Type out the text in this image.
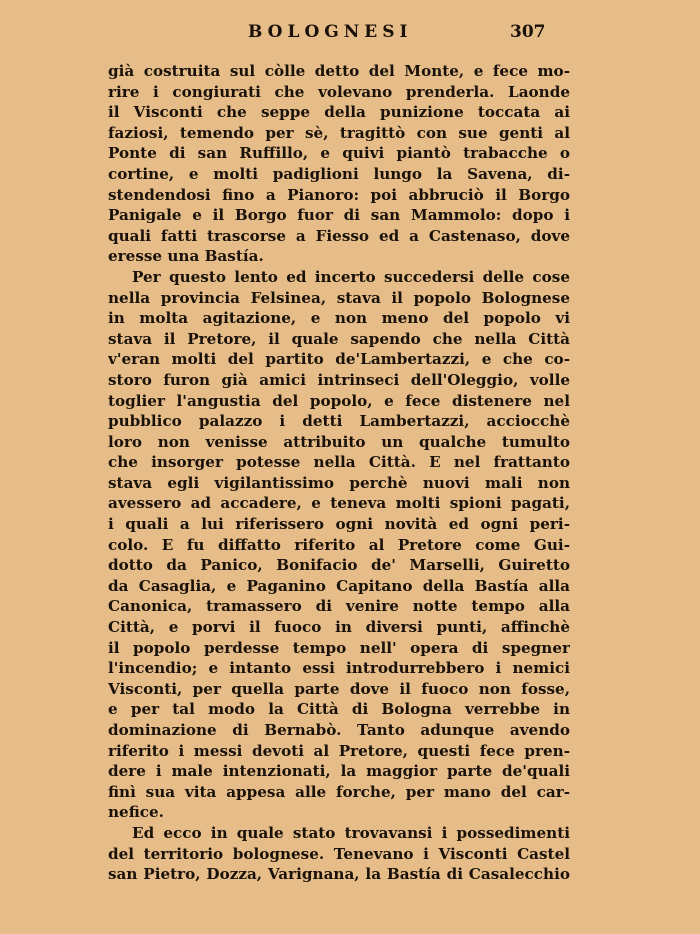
BOLOGNESI	307
già costruita sul còlle detto del Monte, e fece mo-
rire i congiurati che volevano prenderla. Laonde
il Visconti che seppe della punizione toccata ai
faziosi, temendo per sè, tragittò con sue genti al
Ponte di san Ruffillo, e quivi piantò trabacche o
cortine, e molti padiglioni lungo la Savena, di-
stendendosi fino a Pianoro: poi abbruciò il Borgo
Panigale e il Borgo fuor di san Mammolo: dopo i
quali fatti trascorse a Fiesso ed a Castenaso, dove
eresse una Bastía.
Per questo lento ed incerto succedersi delle cose
nella provincia Felsinea, stava il popolo Bolognese
in molta agitazione, e non meno del popolo vi
stava il Pretore, il quale sapendo che nella Città
v'eran molti del partito de'Lambertazzi, e che co-
storo furon già amici intrinseci dell'Oleggio, volle
toglier l'angustia del popolo, e fece distenere nel
pubblico palazzo i detti Lambertazzi, acciocchè
loro non venisse attribuito un qualche tumulto
che insorger potesse nella Città. E nel frattanto
stava egli vigilantissimo perchè nuovi mali non
avessero ad accadere, e teneva molti spioni pagati,
i quali a lui riferissero ogni novità ed ogni peri-
colo. E fu diffatto riferito al Pretore come Gui-
dotto da Panico, Bonifacio de' Marselli, Guiretto
da Casaglia, e Paganino Capitano della Bastía alla
Canonica, tramassero di venire notte tempo alla
Città, e porvi il fuoco in diversi punti, affinchè
il popolo perdesse tempo nell' opera di spegner
l'incendio; e intanto essi introdurrebbero i nemici
Visconti, per quella parte dove il fuoco non fosse,
e per tal modo la Città di Bologna verrebbe in
dominazione di Bernabò. Tanto adunque avendo
riferito i messi devoti al Pretore, questi fece pren-
dere i male intenzionati, la maggior parte de'quali
finì sua vita appesa alle forche, per mano del car-
nefice.
Ed ecco in quale stato trovavansi i possedimenti
del territorio bolognese. Tenevano i Visconti Castel
san Pietro, Dozza, Varignana, la Bastía di Casalecchio
